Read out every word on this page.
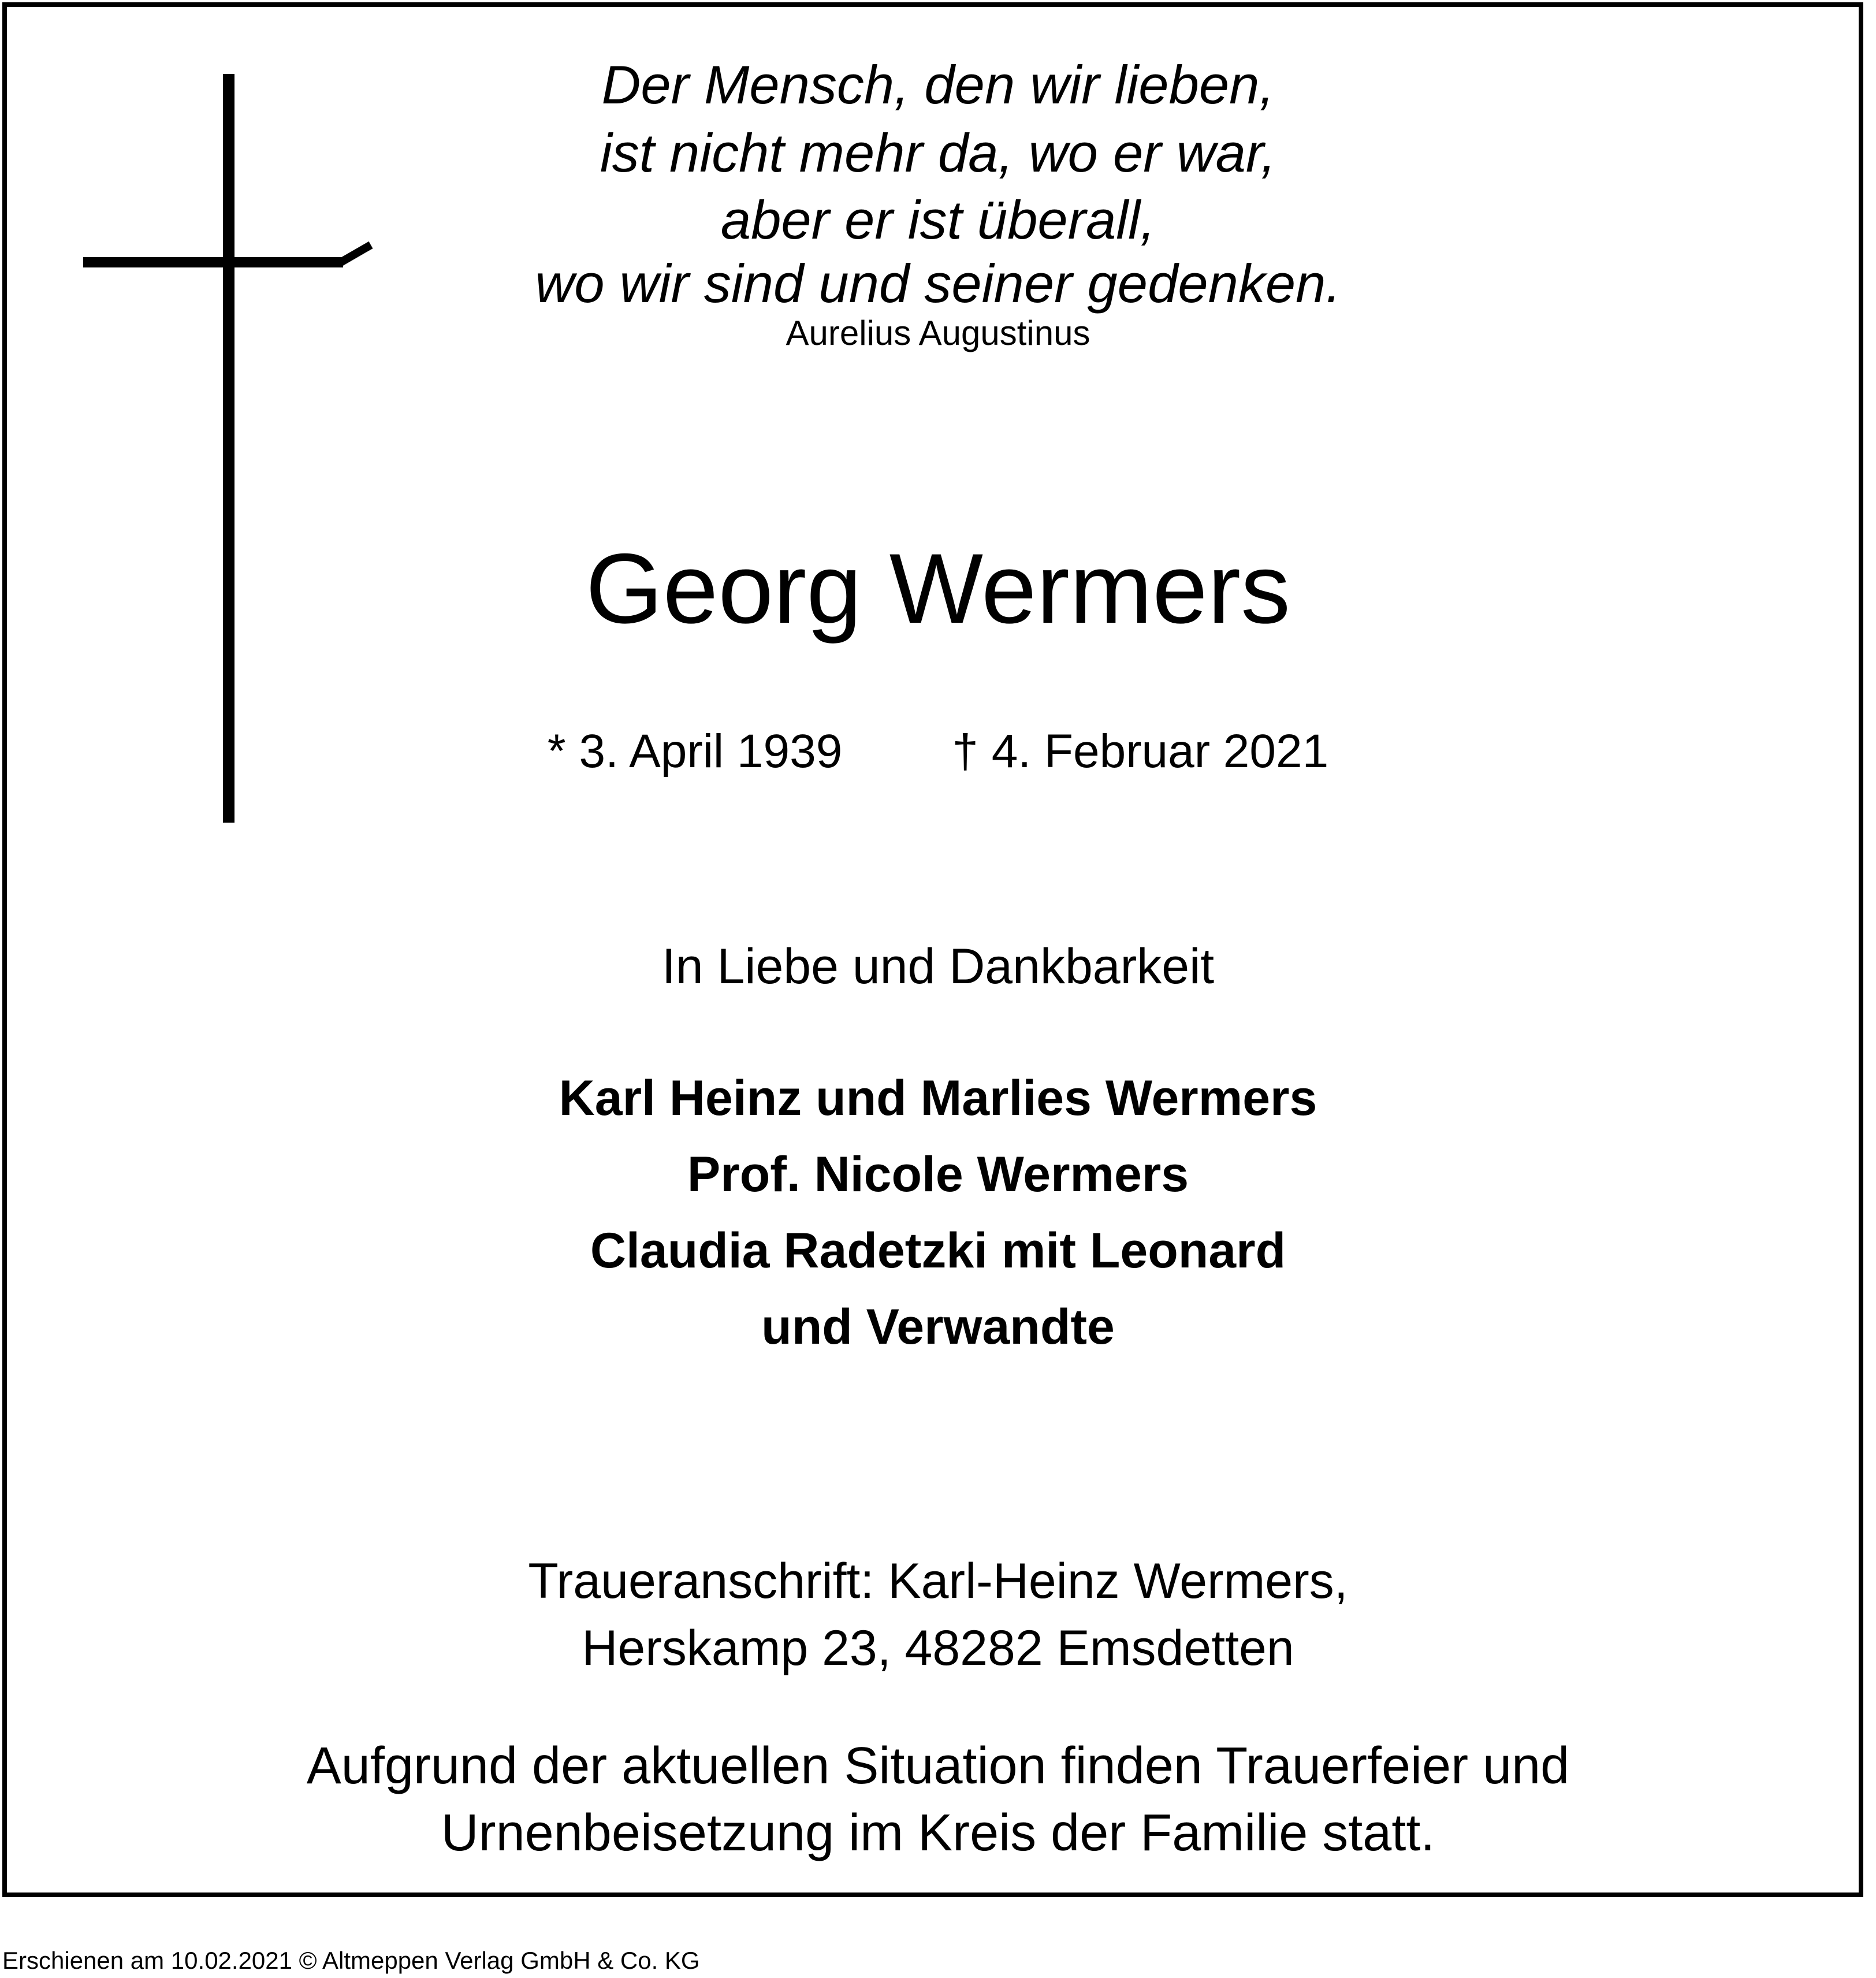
Der Mensch, den wir lieben,
ist nicht mehr da, wo er war,
aber er ist überall,
wo wir sind und seiner gedenken.
Aurelius Augustinus
Georg Wermers
* 3. April 1939 † 4. Februar 2021
In Liebe und Dankbarkeit
Karl Heinz und Marlies Wermers
Prof. Nicole Wermers
Claudia Radetzki mit Leonard
und Verwandte
Traueranschrift: Karl-Heinz Wermers,
Herskamp 23, 48282 Emsdetten
Aufgrund der aktuellen Situation finden Trauerfeier und
Urnenbeisetzung im Kreis der Familie statt.
Erschienen am 10.02.2021 © Altmeppen Verlag GmbH & Co. KG
